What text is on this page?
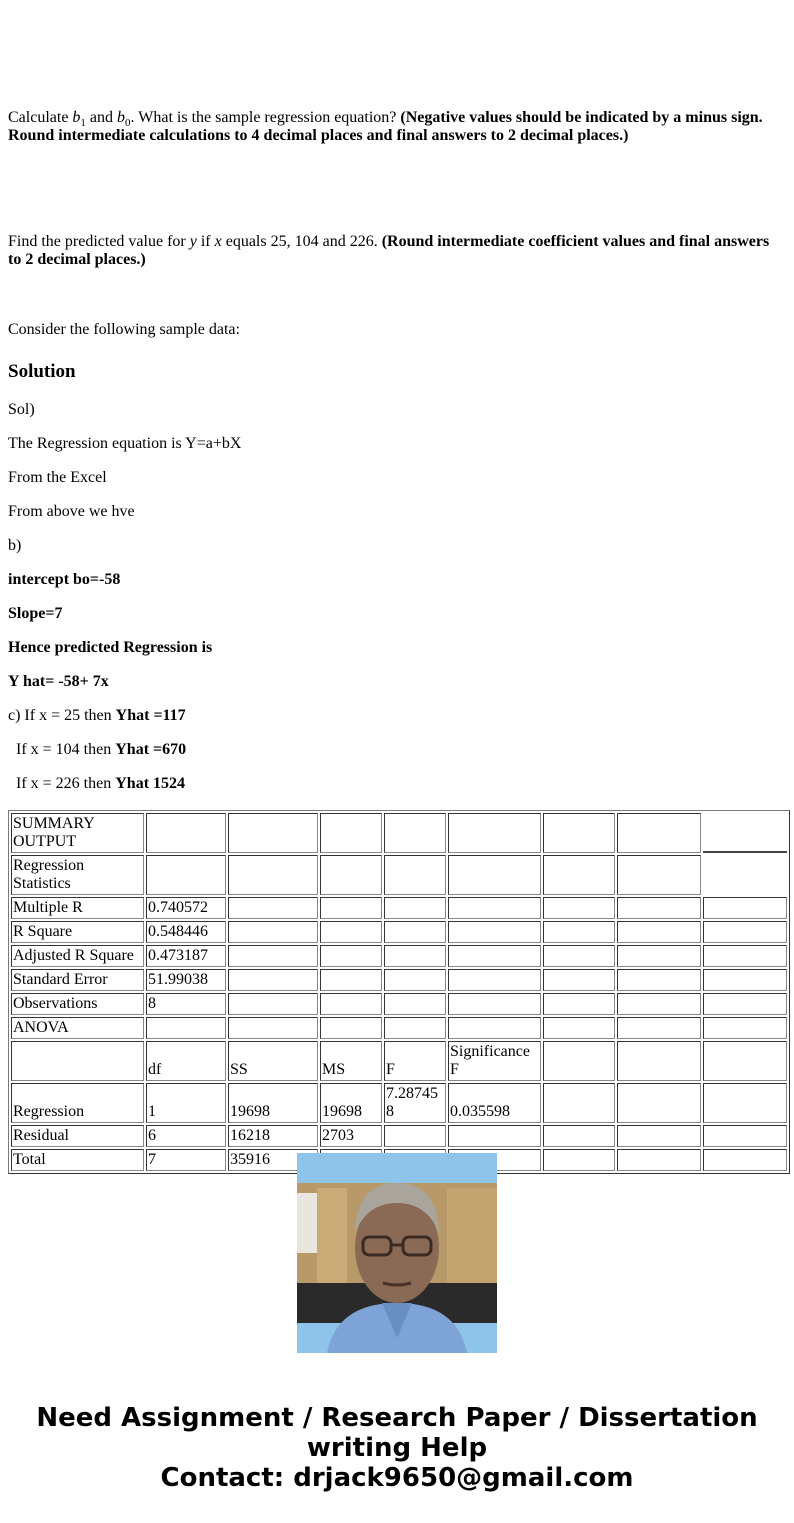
Calculate $b_1$ and $b_0$. What is the sample regression equation? (Negative values should be indicated by a minus sign. Round intermediate calculations to 4 decimal places and final answers to 2 decimal places.)

Find the predicted value for y if x equals 25, 104 and 226. (Round intermediate coefficient values and final answers to 2 decimal places.)

Consider the following sample data:

Solution

Sol)

The Regression equation is Y=a+bX

From the Excel

From above we hve

b)

intercept bo=-58

Slope=7

Hence predicted Regression is

Y hat= -58+ 7x

c) If x = 25 then Yhat =117

If x = 104 then Yhat =670

If x = 226 then Yhat 1524

SUMMARY OUTPUT								
Regression Statistics								
Multiple R	0.740572							
R Square	0.548446							
Adjusted R Square	0.473187							
Standard Error	51.99038							
Observations	8							
ANOVA								
	df	SS	MS	F	Significance F			
Regression	1	19698	19698	7.287458	0.035598			
Residual	6	16218	2703					
Total	7	35916						
Need Assignment / Research Paper / Dissertation
writing Help
Contact: drjack9650@gmail.com
